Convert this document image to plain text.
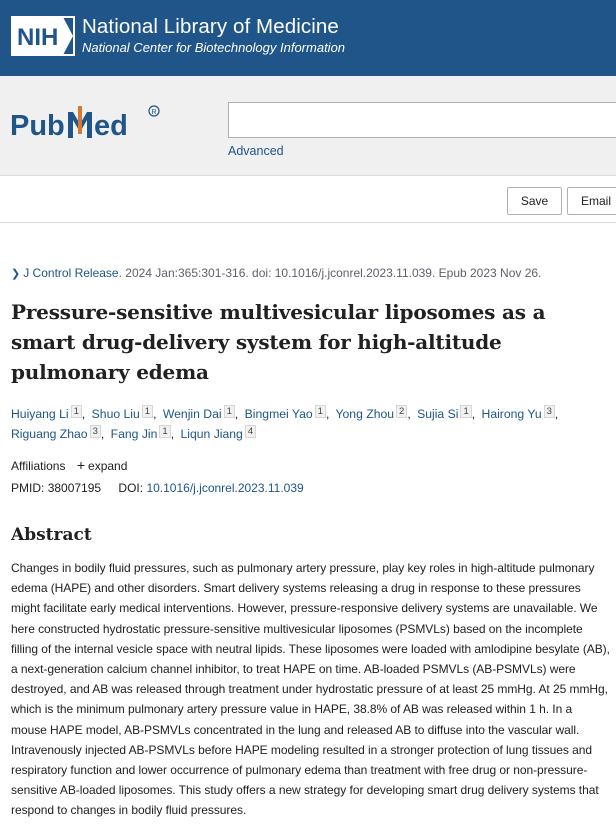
NIH National Library of Medicine
National Center for Biotechnology Information
Pub ed	R
Advanced
Save	Email
❯ J Control Release. 2024 Jan:365:301-316. doi: 10.1016/j.jconrel.2023.11.039. Epub 2023 Nov 26.
Pressure-sensitive multivesicular liposomes as a smart drug-delivery system for high-altitude pulmonary edema
Huiyang Li 1 , Shuo Liu 1 , Wenjin Dai 1 , Bingmei Yao 1 , Yong Zhou 2 , Sujia Si 1 , Hairong Yu 3 , Riguang Zhao 3 , Fang Jin 1 , Liqun Jiang 4
Affiliations + expand
PMID: 38007195 DOI: 10.1016/j.jconrel.2023.11.039
Abstract

Changes in bodily fluid pressures, such as pulmonary artery pressure, play key roles in high-altitude pulmonary edema (HAPE) and other disorders. Smart delivery systems releasing a drug in response to these pressures might facilitate early medical interventions. However, pressure-responsive delivery systems are unavailable. We here constructed hydrostatic pressure-sensitive multivesicular liposomes (PSMVLs) based on the incomplete filling of the internal vesicle space with neutral lipids. These liposomes were loaded with amlodipine besylate (AB), a next-generation calcium channel inhibitor, to treat HAPE on time. AB-loaded PSMVLs (AB-PSMVLs) were destroyed, and AB was released through treatment under hydrostatic pressure of at least 25 mmHg. At 25 mmHg, which is the minimum pulmonary artery pressure value in HAPE, 38.8% of AB was released within 1 h. In a mouse HAPE model, AB-PSMVLs concentrated in the lung and released AB to diffuse into the vascular wall. Intravenously injected AB-PSMVLs before HAPE modeling resulted in a stronger protection of lung tissues and respiratory function and lower occurrence of pulmonary edema than treatment with free drug or non-pressure-sensitive AB-loaded liposomes. This study offers a new strategy for developing smart drug delivery systems that respond to changes in bodily fluid pressures.
